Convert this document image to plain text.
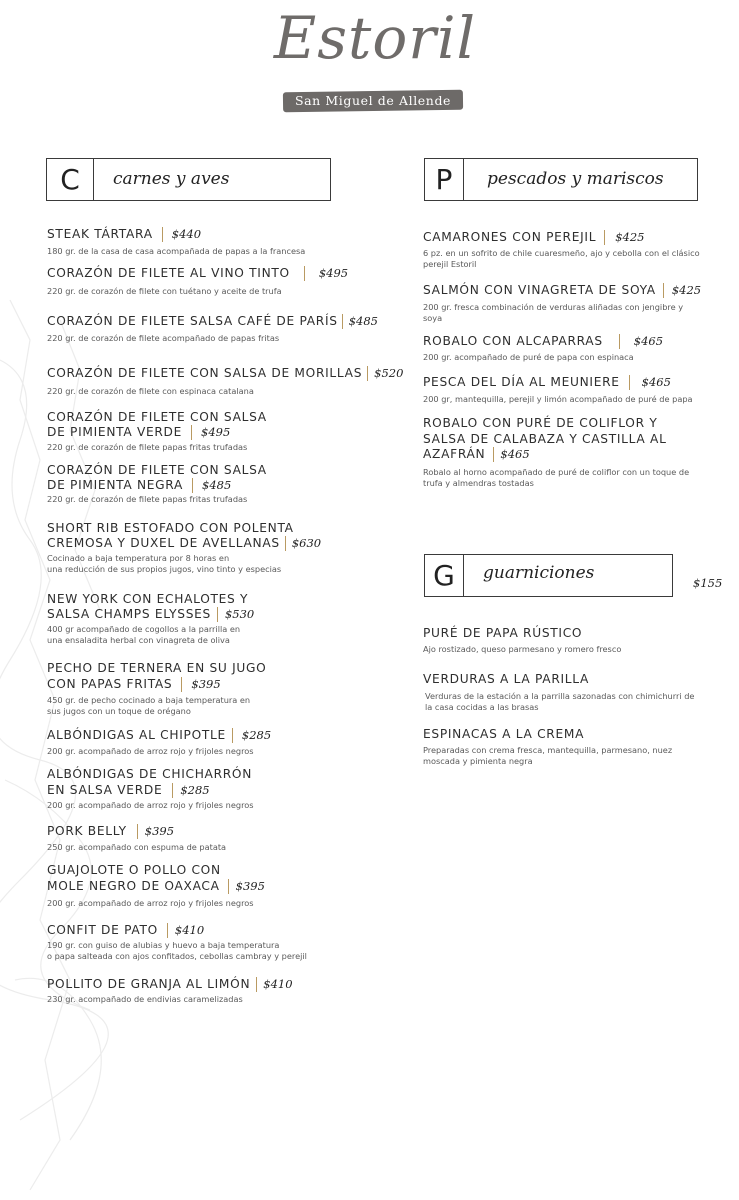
Estoril
San Miguel de Allende
C	carnes y aves	P	pescados y mariscos
G	guarniciones	$155
STEAK TÁRTARA $440
180 gr. de la casa de casa acompañada de papas a la francesa
CORAZÓN DE FILETE AL VINO TINTO	$495
220 gr. de corazón de filete con tuétano y aceite de trufa
CORAZÓN DE FILETE SALSA CAFÉ DE PARÍS $485
220 gr. de corazón de filete acompañado de papas fritas
CORAZÓN DE FILETE CON SALSA DE MORILLAS $520
220 gr. de corazón de filete con espinaca catalana
CORAZÓN DE FILETE CON SALSA
DE PIMIENTA VERDE $495
220 gr. de corazón de filete papas fritas trufadas
CORAZÓN DE FILETE CON SALSA
DE PIMIENTA NEGRA $485
220 gr. de corazón de filete papas fritas trufadas
SHORT RIB ESTOFADO CON POLENTA
CREMOSA Y DUXEL DE AVELLANAS $630
Cocinado a baja temperatura por 8 horas en
una reducción de sus propios jugos, vino tinto y especias
NEW YORK CON ECHALOTES Y
SALSA CHAMPS ELYSSES $530
400 gr acompañado de cogollos a la parrilla en
una ensaladita herbal con vinagreta de oliva
PECHO DE TERNERA EN SU JUGO
CON PAPAS FRITAS $395
450 gr. de pecho cocinado a baja temperatura en
sus jugos con un toque de orégano
ALBÓNDIGAS AL CHIPOTLE $285
200 gr. acompañado de arroz rojo y frijoles negros
ALBÓNDIGAS DE CHICHARRÓN
EN SALSA VERDE $285
200 gr. acompañado de arroz rojo y frijoles negros
PORK BELLY $395
250 gr. acompañado con espuma de patata
GUAJOLOTE O POLLO CON
MOLE NEGRO DE OAXACA $395
200 gr. acompañado de arroz rojo y frijoles negros
CONFIT DE PATO $410
190 gr. con guiso de alubias y huevo a baja temperatura
o papa salteada con ajos confitados, cebollas cambray y perejil
POLLITO DE GRANJA AL LIMÓN $410
230 gr. acompañado de endivias caramelizadas
CAMARONES CON PEREJIL $425
6 pz. en un sofrito de chile cuaresmeño, ajo y cebolla con el clásico
perejil Estoril
SALMÓN CON VINAGRETA DE SOYA $425
200 gr. fresca combinación de verduras aliñadas con jengibre y
soya
ROBALO CON ALCAPARRAS	$465
200 gr. acompañado de puré de papa con espinaca
PESCA DEL DÍA AL MEUNIERE $465
200 gr, mantequilla, perejil y limón acompañado de puré de papa
ROBALO CON PURÉ DE COLIFLOR Y
SALSA DE CALABAZA Y CASTILLA AL
AZAFRÁN $465
Robalo al horno acompañado de puré de coliflor con un toque de
trufa y almendras tostadas
PURÉ DE PAPA RÚSTICO
Ajo rostizado, queso parmesano y romero fresco
VERDURAS A LA PARILLA
Verduras de la estación a la parrilla sazonadas con chimichurri de
la casa cocidas a las brasas
ESPINACAS A LA CREMA
Preparadas con crema fresca, mantequilla, parmesano, nuez
moscada y pimienta negra
